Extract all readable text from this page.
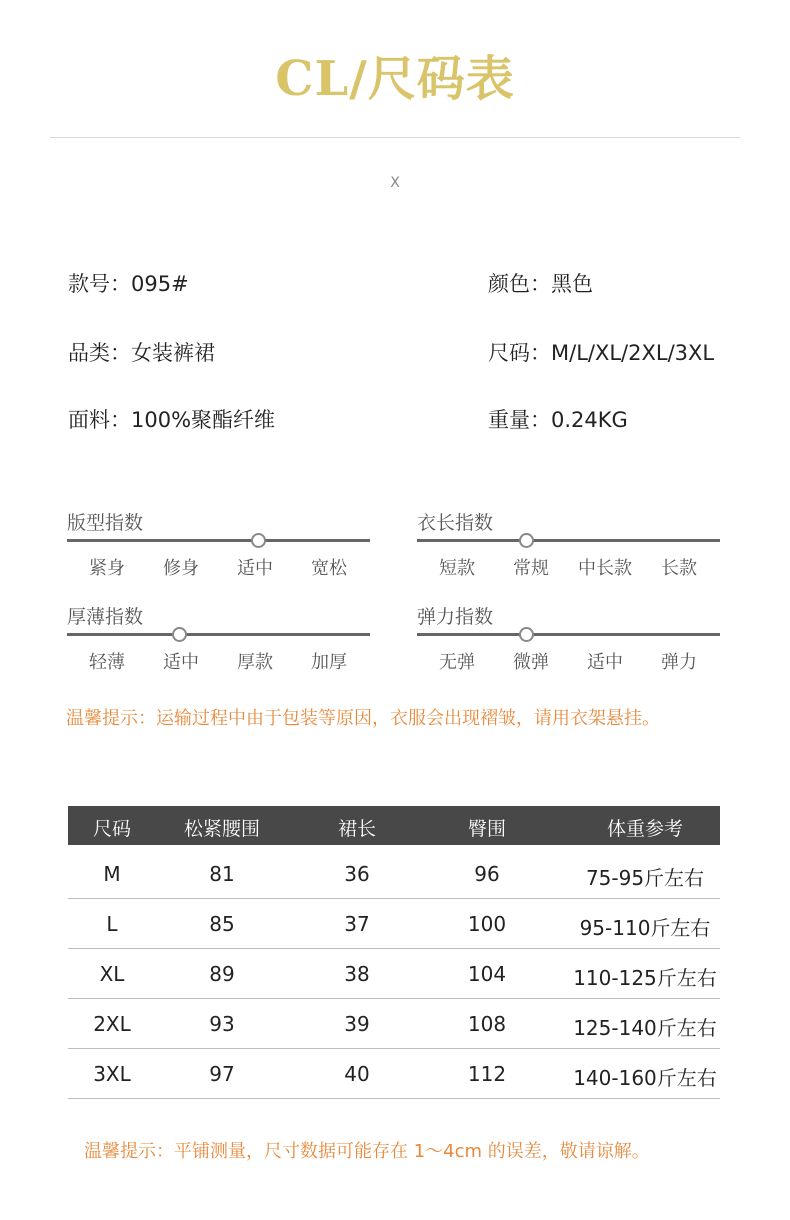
CL/尺码表
X
款号：095#
品类：女装裤裙
面料：100%聚酯纤维
颜色：黑色
尺码：M/L/XL/2XL/3XL
重量：0.24KG
版型指数
紧身	修身	适中	宽松
衣长指数
短款	常规	中长款	长款
厚薄指数
轻薄	适中	厚款	加厚
弹力指数
无弹	微弹	适中	弹力
温馨提示：运输过程中由于包装等原因，衣服会出现褶皱，请用衣架悬挂。
尺码	松紧腰围	裙长	臀围	体重参考
M	81	36	96	75-95斤左右
L	85	37	100	95-110斤左右
XL	89	38	104	110-125斤左右
2XL	93	39	108	125-140斤左右
3XL	97	40	112	140-160斤左右
温馨提示：平铺测量，尺寸数据可能存在 1～4cm 的误差，敬请谅解。
